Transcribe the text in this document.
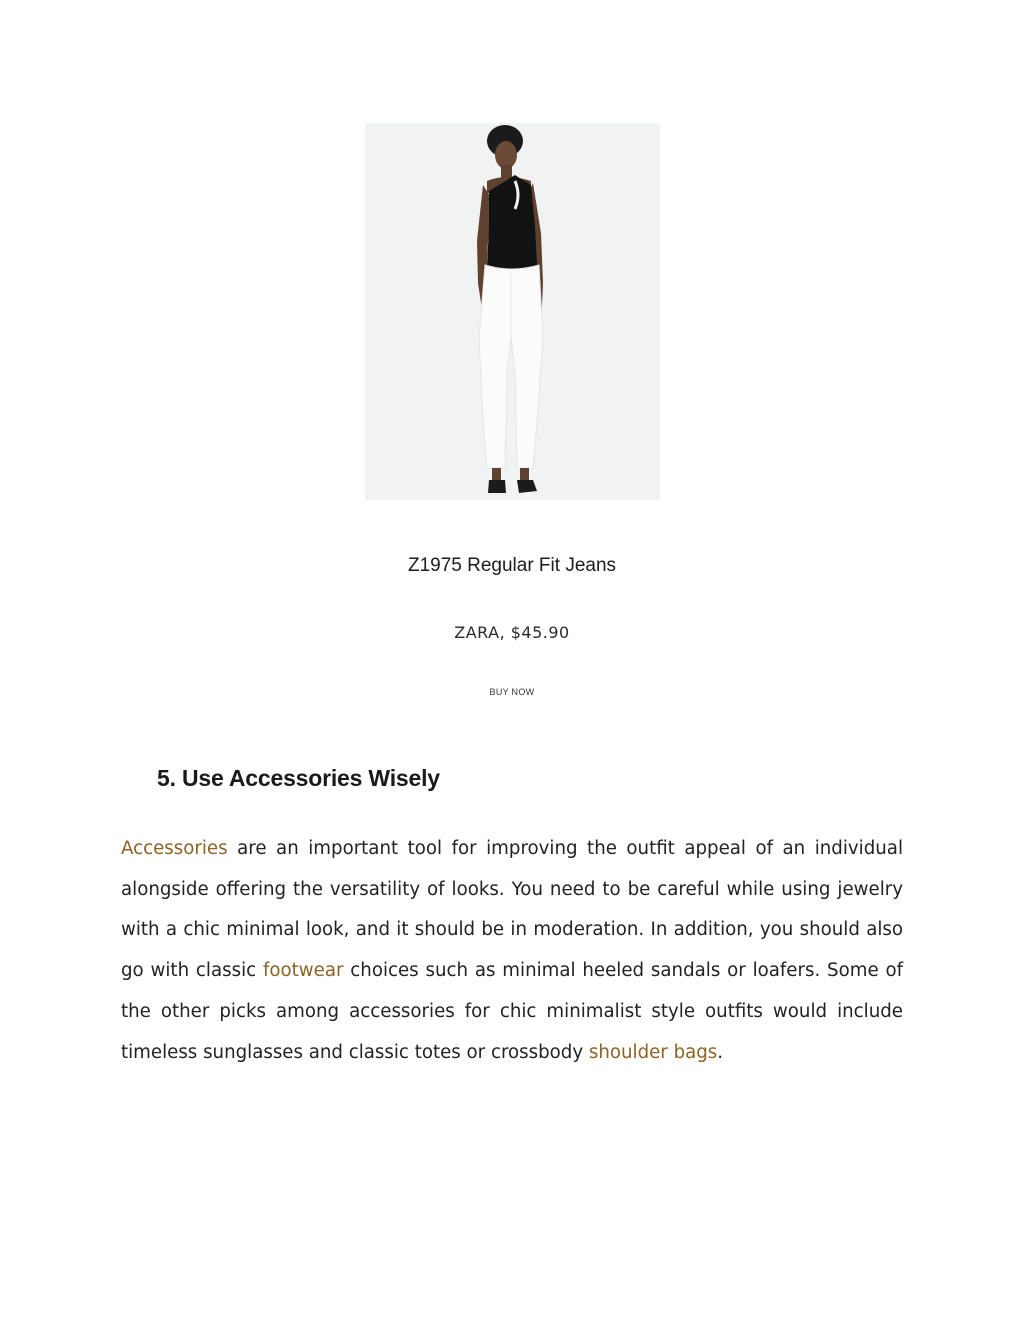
Z1975 Regular Fit Jeans
ZARA, $45.90
BUY NOW
5. Use Accessories Wisely

Accessories are an important tool for improving the outfit appeal of an individual alongside offering the versatility of looks. You need to be careful while using jewelry with a chic minimal look, and it should be in moderation. In addition, you should also go with classic footwear choices such as minimal heeled sandals or loafers. Some of the other picks among accessories for chic minimalist style outfits would include timeless sunglasses and classic totes or crossbody shoulder bags.
